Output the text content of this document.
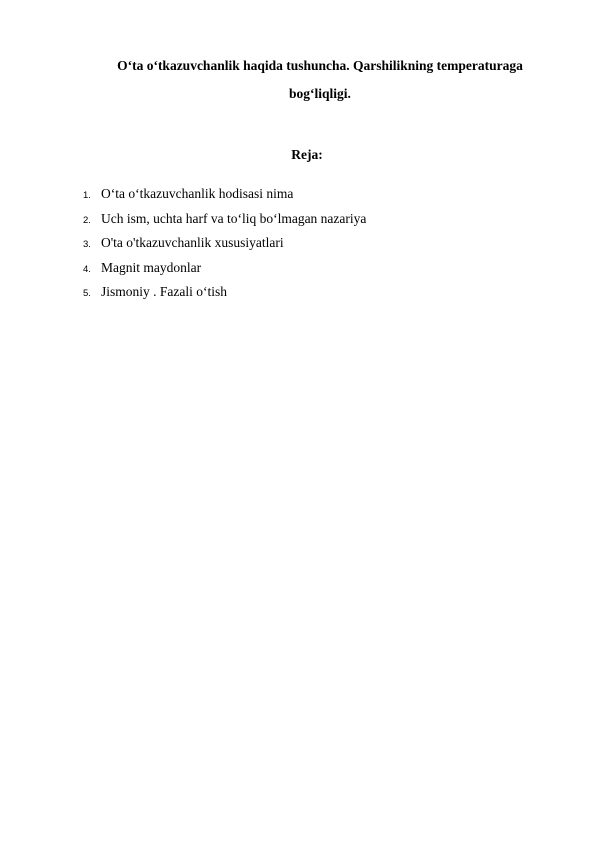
O‘ta o‘tkazuvchanlik haqida tushuncha. Qarshilikning temperaturaga
bog‘liqligi.
Reja:
1. O‘ta o‘tkazuvchanlik hodisasi nima
2. Uch ism, uchta harf va to‘liq bo‘lmagan nazariya
3. O'ta o'tkazuvchanlik xususiyatlari
4. Magnit maydonlar
5. Jismoniy . Fazali o‘tish
